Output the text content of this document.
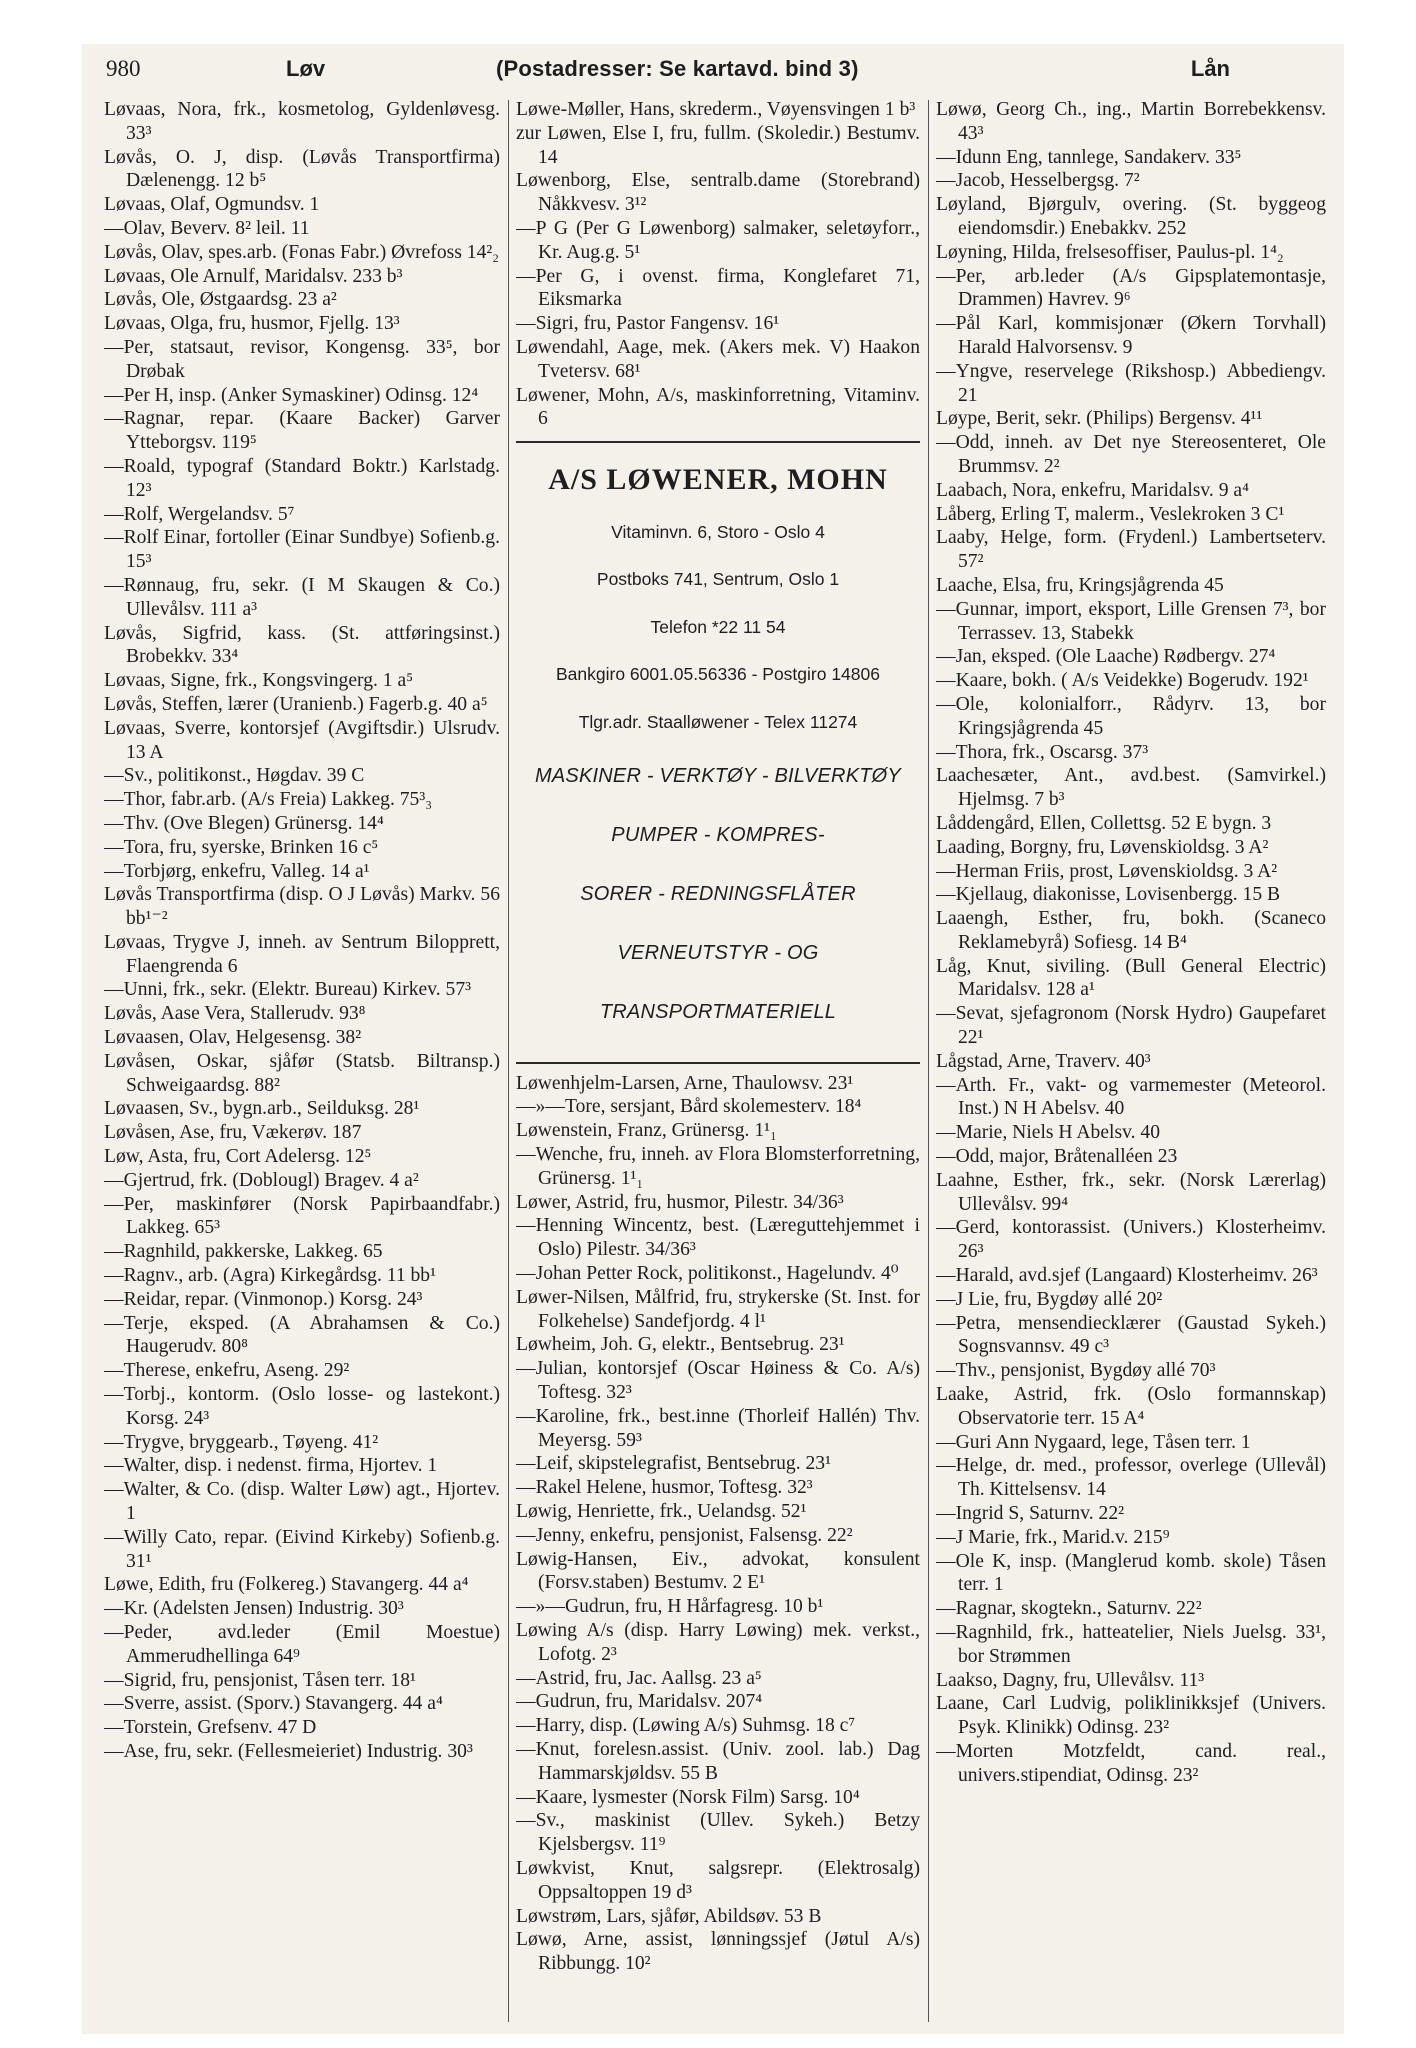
980	Løv	(Postadresser: Se kartavd. bind 3)	Lån

Løvaas, Nora, frk., kosmetolog, Gyldenløvesg. 33³

Løvås, O. J, disp. (Løvås Transportfirma) Dælenengg. 12 b⁵

Løvaas, Olaf, Ogmundsv. 1

—Olav, Beverv. 8² leil. 11

Løvås, Olav, spes.arb. (Fonas Fabr.) Øvrefoss 14²₂

Løvaas, Ole Arnulf, Maridalsv. 233 b³

Løvås, Ole, Østgaardsg. 23 a²

Løvaas, Olga, fru, husmor, Fjellg. 13³

—Per, statsaut, revisor, Kongensg. 33⁵, bor Drøbak

—Per H, insp. (Anker Symaskiner) Odinsg. 12⁴

—Ragnar, repar. (Kaare Backer) Garver Ytteborgsv. 119⁵

—Roald, typograf (Standard Boktr.) Karlstadg. 12³

—Rolf, Wergelandsv. 5⁷

—Rolf Einar, fortoller (Einar Sundbye) Sofienb.g. 15³

—Rønnaug, fru, sekr. (I M Skaugen & Co.) Ullevålsv. 111 a³

Løvås, Sigfrid, kass. (St. attføringsinst.) Brobekkv. 33⁴

Løvaas, Signe, frk., Kongsvingerg. 1 a⁵

Løvås, Steffen, lærer (Uranienb.) Fagerb.g. 40 a⁵

Løvaas, Sverre, kontorsjef (Avgiftsdir.) Ulsrudv. 13 A

—Sv., politikonst., Høgdav. 39 C

—Thor, fabr.arb. (A/s Freia) Lakkeg. 75³₃

—Thv. (Ove Blegen) Grünersg. 14⁴

—Tora, fru, syerske, Brinken 16 c⁵

—Torbjørg, enkefru, Valleg. 14 a¹

Løvås Transportfirma (disp. O J Løvås) Markv. 56 bb¹⁻²

Løvaas, Trygve J, inneh. av Sentrum Bilopprett, Flaengrenda 6

—Unni, frk., sekr. (Elektr. Bureau) Kirkev. 57³

Løvås, Aase Vera, Stallerudv. 93⁸

Løvaasen, Olav, Helgesensg. 38²

Løvåsen, Oskar, sjåfør (Statsb. Biltransp.) Schweigaardsg. 88²

Løvaasen, Sv., bygn.arb., Seilduksg. 28¹

Løvåsen, Ase, fru, Vækerøv. 187

Løw, Asta, fru, Cort Adelersg. 12⁵

—Gjertrud, frk. (Doblougl) Bragev. 4 a²

—Per, maskinfører (Norsk Papirbaandfabr.) Lakkeg. 65³

—Ragnhild, pakkerske, Lakkeg. 65

—Ragnv., arb. (Agra) Kirkegårdsg. 11 bb¹

—Reidar, repar. (Vinmonop.) Korsg. 24³

—Terje, eksped. (A Abrahamsen & Co.) Haugerudv. 80⁸

—Therese, enkefru, Aseng. 29²

—Torbj., kontorm. (Oslo losse- og lastekont.) Korsg. 24³

—Trygve, bryggearb., Tøyeng. 41²

—Walter, disp. i nedenst. firma, Hjortev. 1

—Walter, & Co. (disp. Walter Løw) agt., Hjortev. 1

—Willy Cato, repar. (Eivind Kirkeby) Sofienb.g. 31¹

Løwe, Edith, fru (Folkereg.) Stavangerg. 44 a⁴

—Kr. (Adelsten Jensen) Industrig. 30³

—Peder, avd.leder (Emil Moestue) Ammerudhellinga 64⁹

—Sigrid, fru, pensjonist, Tåsen terr. 18¹

—Sverre, assist. (Sporv.) Stavangerg. 44 a⁴

—Torstein, Grefsenv. 47 D

—Ase, fru, sekr. (Fellesmeieriet) Industrig. 30³

Løwe-Møller, Hans, skrederm., Vøyensvingen 1 b³

zur Løwen, Else I, fru, fullm. (Skoledir.) Bestumv. 14

Løwenborg, Else, sentralb.dame (Storebrand) Nåkkvesv. 3¹²

—P G (Per G Løwenborg) salmaker, seletøyforr., Kr. Aug.g. 5¹

—Per G, i ovenst. firma, Konglefaret 71, Eiksmarka

—Sigri, fru, Pastor Fangensv. 16¹

Løwendahl, Aage, mek. (Akers mek. V) Haakon Tvetersv. 68¹

Løwener, Mohn, A/s, maskinforretning, Vitaminv. 6

A/S LØWENER, MOHN

Vitaminvn. 6, Storo - Oslo 4

Postboks 741, Sentrum, Oslo 1

Telefon *22 11 54

Bankgiro 6001.05.56336 - Postgiro 14806

Tlgr.adr. Staalløwener - Telex 11274

MASKINER - VERKTØY - BILVERKTØY

PUMPER - KOMPRES-

SORER - REDNINGSFLÅTER

VERNEUTSTYR - OG

TRANSPORTMATERIELL

Løwenhjelm-Larsen, Arne, Thaulowsv. 23¹

—»—Tore, sersjant, Bård skolemesterv. 18⁴

Løwenstein, Franz, Grünersg. 1¹₁

—Wenche, fru, inneh. av Flora Blomsterforretning, Grünersg. 1¹₁

Løwer, Astrid, fru, husmor, Pilestr. 34/36³

—Henning Wincentz, best. (Læreguttehjemmet i Oslo) Pilestr. 34/36³

—Johan Petter Rock, politikonst., Hagelundv. 4⁰

Løwer-Nilsen, Målfrid, fru, strykerske (St. Inst. for Folkehelse) Sandefjordg. 4 l¹

Løwheim, Joh. G, elektr., Bentsebrug. 23¹

—Julian, kontorsjef (Oscar Høiness & Co. A/s) Toftesg. 32³

—Karoline, frk., best.inne (Thorleif Hallén) Thv. Meyersg. 59³

—Leif, skipstelegrafist, Bentsebrug. 23¹

—Rakel Helene, husmor, Toftesg. 32³

Løwig, Henriette, frk., Uelandsg. 52¹

—Jenny, enkefru, pensjonist, Falsensg. 22²

Løwig-Hansen, Eiv., advokat, konsulent (Forsv.staben) Bestumv. 2 E¹

—»—Gudrun, fru, H Hårfagresg. 10 b¹

Løwing A/s (disp. Harry Løwing) mek. verkst., Lofotg. 2³

—Astrid, fru, Jac. Aallsg. 23 a⁵

—Gudrun, fru, Maridalsv. 207⁴

—Harry, disp. (Løwing A/s) Suhmsg. 18 c⁷

—Knut, forelesn.assist. (Univ. zool. lab.) Dag Hammarskjøldsv. 55 B

—Kaare, lysmester (Norsk Film) Sarsg. 10⁴

—Sv., maskinist (Ullev. Sykeh.) Betzy Kjelsbergsv. 11⁹

Løwkvist, Knut, salgsrepr. (Elektrosalg) Oppsaltoppen 19 d³

Løwstrøm, Lars, sjåfør, Abildsøv. 53 B

Løwø, Arne, assist, lønningssjef (Jøtul A/s) Ribbungg. 10²

Løwø, Georg Ch., ing., Martin Borrebekkensv. 43³

—Idunn Eng, tannlege, Sandakerv. 33⁵

—Jacob, Hesselbergsg. 7²

Løyland, Bjørgulv, overing. (St. byggeog eiendomsdir.) Enebakkv. 252

Løyning, Hilda, frelsesoffiser, Paulus-pl. 1⁴₂

—Per, arb.leder (A/s Gipsplatemontasje, Drammen) Havrev. 9⁶

—Pål Karl, kommisjonær (Økern Torvhall) Harald Halvorsensv. 9

—Yngve, reservelege (Rikshosp.) Abbediengv. 21

Løype, Berit, sekr. (Philips) Bergensv. 4¹¹

—Odd, inneh. av Det nye Stereosenteret, Ole Brummsv. 2²

Laabach, Nora, enkefru, Maridalsv. 9 a⁴

Låberg, Erling T, malerm., Veslekroken 3 C¹

Laaby, Helge, form. (Frydenl.) Lambertseterv. 57²

Laache, Elsa, fru, Kringsjågrenda 45

—Gunnar, import, eksport, Lille Grensen 7³, bor Terrassev. 13, Stabekk

—Jan, eksped. (Ole Laache) Rødbergv. 27⁴

—Kaare, bokh. ( A/s Veidekke) Bogerudv. 192¹

—Ole, kolonialforr., Rådyrv. 13, bor Kringsjågrenda 45

—Thora, frk., Oscarsg. 37³

Laachesæter, Ant., avd.best. (Samvirkel.) Hjelmsg. 7 b³

Låddengård, Ellen, Collettsg. 52 E bygn. 3

Laading, Borgny, fru, Løvenskioldsg. 3 A²

—Herman Friis, prost, Løvenskioldsg. 3 A²

—Kjellaug, diakonisse, Lovisenbergg. 15 B

Laaengh, Esther, fru, bokh. (Scaneco Reklamebyrå) Sofiesg. 14 B⁴

Låg, Knut, siviling. (Bull General Electric) Maridalsv. 128 a¹

—Sevat, sjefagronom (Norsk Hydro) Gaupefaret 22¹

Lågstad, Arne, Traverv. 40³

—Arth. Fr., vakt- og varmemester (Meteorol. Inst.) N H Abelsv. 40

—Marie, Niels H Abelsv. 40

—Odd, major, Bråtenalléen 23

Laahne, Esther, frk., sekr. (Norsk Lærerlag) Ullevålsv. 99⁴

—Gerd, kontorassist. (Univers.) Klosterheimv. 26³

—Harald, avd.sjef (Langaard) Klosterheimv. 26³

—J Lie, fru, Bygdøy allé 20²

—Petra, mensendiecklærer (Gaustad Sykeh.) Sognsvannsv. 49 c³

—Thv., pensjonist, Bygdøy allé 70³

Laake, Astrid, frk. (Oslo formannskap) Observatorie terr. 15 A⁴

—Guri Ann Nygaard, lege, Tåsen terr. 1

—Helge, dr. med., professor, overlege (Ullevål) Th. Kittelsensv. 14

—Ingrid S, Saturnv. 22²

—J Marie, frk., Marid.v. 215⁹

—Ole K, insp. (Manglerud komb. skole) Tåsen terr. 1

—Ragnar, skogtekn., Saturnv. 22²

—Ragnhild, frk., hatteatelier, Niels Juelsg. 33¹, bor Strømmen

Laakso, Dagny, fru, Ullevålsv. 11³

Laane, Carl Ludvig, poliklinikksjef (Univers. Psyk. Klinikk) Odinsg. 23²

—Morten Motzfeldt, cand. real., univers.stipendiat, Odinsg. 23²
